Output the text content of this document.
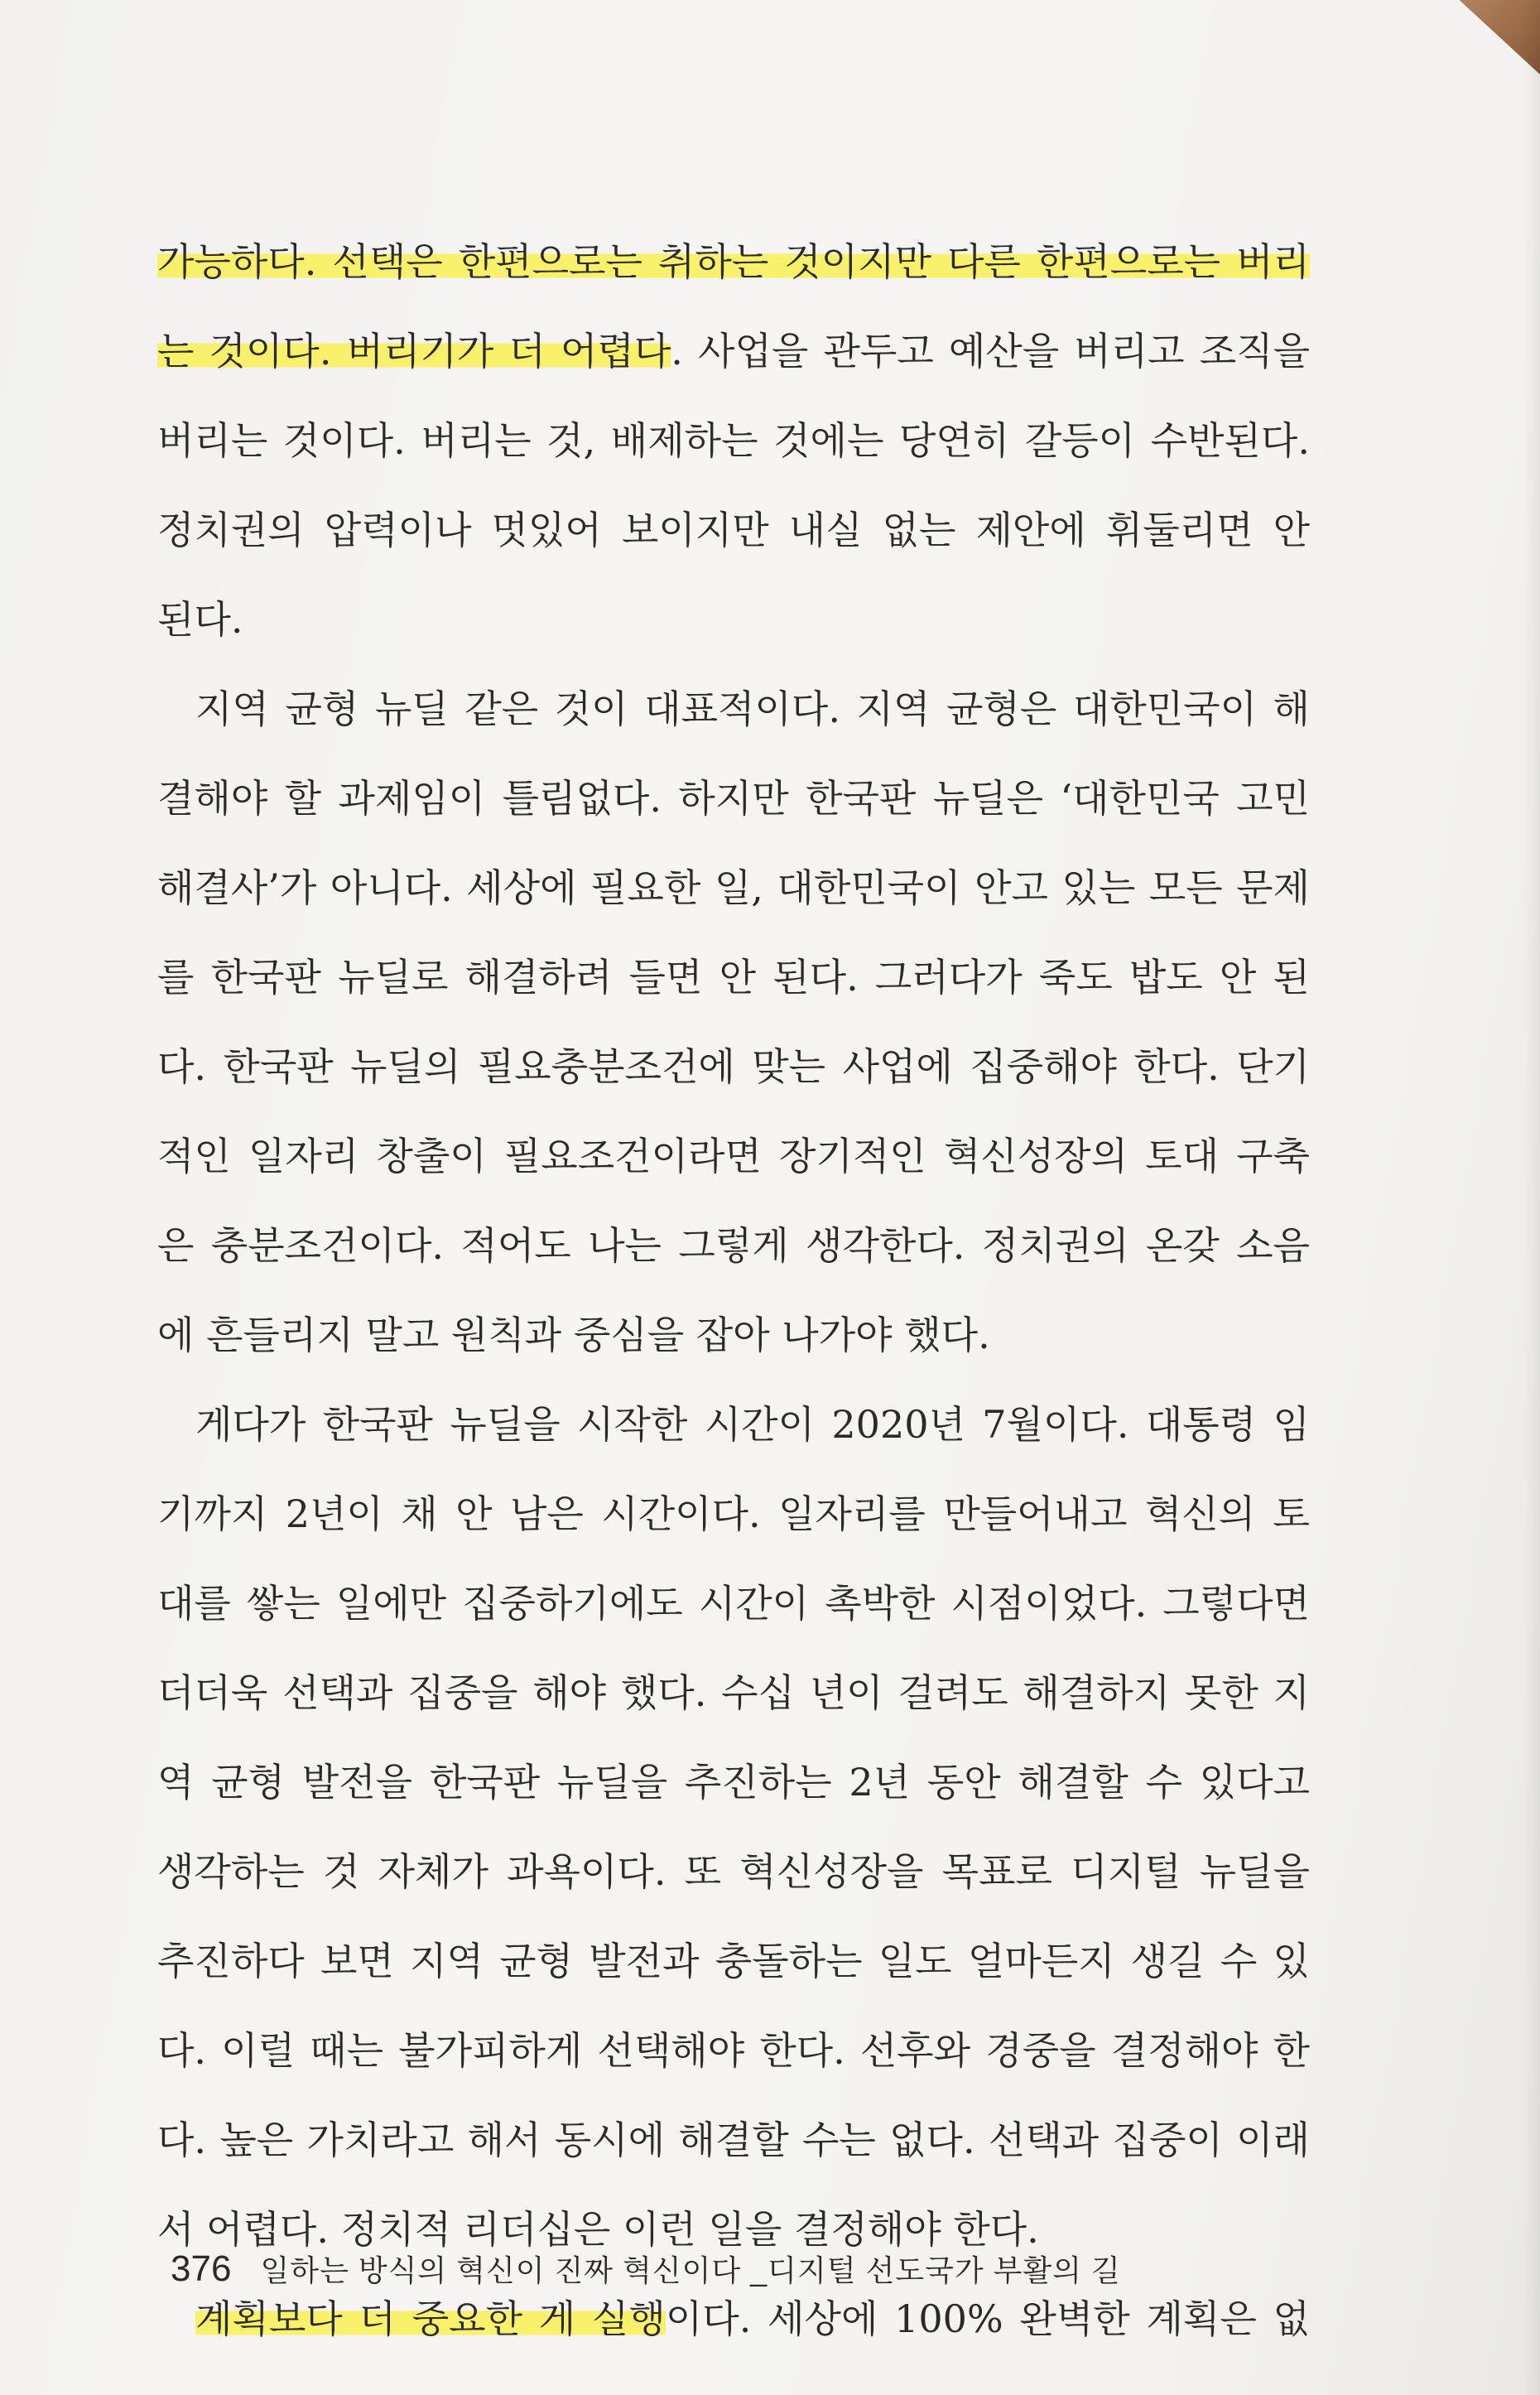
가능하다. 선택은 한편으로는 취하는 것이지만 다른 한편으로는 버리
는 것이다. 버리기가 더 어렵다. 사업을 관두고 예산을 버리고 조직을
버리는 것이다. 버리는 것, 배제하는 것에는 당연히 갈등이 수반된다.
정치권의 압력이나 멋있어 보이지만 내실 없는 제안에 휘둘리면 안
된다.
지역 균형 뉴딜 같은 것이 대표적이다. 지역 균형은 대한민국이 해
결해야 할 과제임이 틀림없다. 하지만 한국판 뉴딜은 ‘대한민국 고민
해결사’가 아니다. 세상에 필요한 일, 대한민국이 안고 있는 모든 문제
를 한국판 뉴딜로 해결하려 들면 안 된다. 그러다가 죽도 밥도 안 된
다. 한국판 뉴딜의 필요충분조건에 맞는 사업에 집중해야 한다. 단기
적인 일자리 창출이 필요조건이라면 장기적인 혁신성장의 토대 구축
은 충분조건이다. 적어도 나는 그렇게 생각한다. 정치권의 온갖 소음
에 흔들리지 말고 원칙과 중심을 잡아 나가야 했다.
게다가 한국판 뉴딜을 시작한 시간이 2020년 7월이다. 대통령 임
기까지 2년이 채 안 남은 시간이다. 일자리를 만들어내고 혁신의 토
대를 쌓는 일에만 집중하기에도 시간이 촉박한 시점이었다. 그렇다면
더더욱 선택과 집중을 해야 했다. 수십 년이 걸려도 해결하지 못한 지
역 균형 발전을 한국판 뉴딜을 추진하는 2년 동안 해결할 수 있다고
생각하는 것 자체가 과욕이다. 또 혁신성장을 목표로 디지털 뉴딜을
추진하다 보면 지역 균형 발전과 충돌하는 일도 얼마든지 생길 수 있
다. 이럴 때는 불가피하게 선택해야 한다. 선후와 경중을 결정해야 한
다. 높은 가치라고 해서 동시에 해결할 수는 없다. 선택과 집중이 이래
서 어렵다. 정치적 리더십은 이런 일을 결정해야 한다.
계획보다 더 중요한 게 실행이다. 세상에 100% 완벽한 계획은 없
376 일하는 방식의 혁신이 진짜 혁신이다 _디지털 선도국가 부활의 길
